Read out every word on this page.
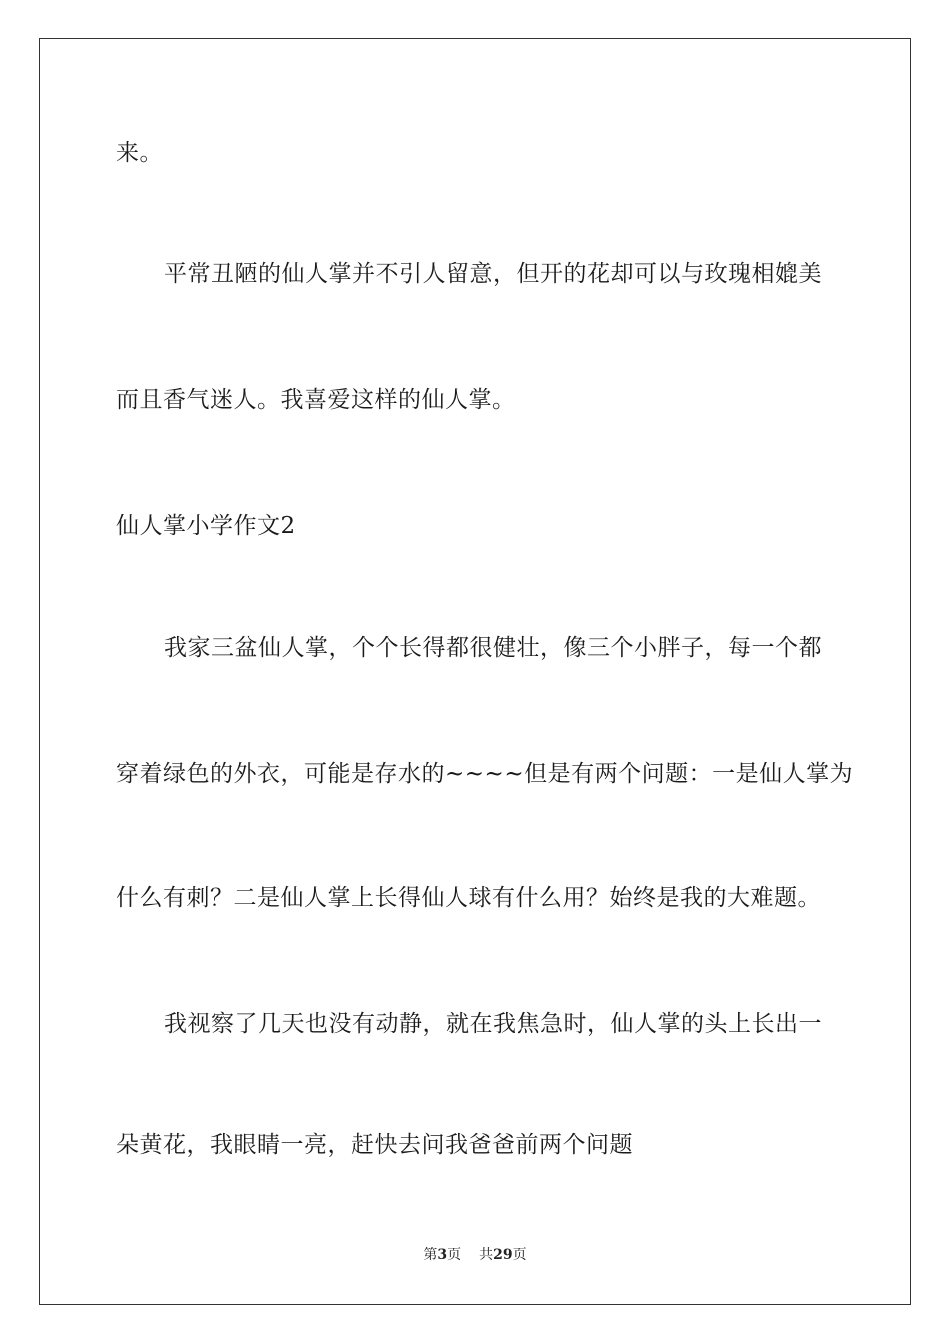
来。
平常丑陋的仙人掌并不引人留意，但开的花却可以与玫瑰相媲美
而且香气迷人。我喜爱这样的仙人掌。
仙人掌小学作文2
我家三盆仙人掌，个个长得都很健壮，像三个小胖子，每一个都
穿着绿色的外衣，可能是存水的~~~~但是有两个问题：一是仙人掌为
什么有刺？二是仙人掌上长得仙人球有什么用？始终是我的大难题。
我视察了几天也没有动静，就在我焦急时，仙人掌的头上长出一
朵黄花，我眼睛一亮，赶快去问我爸爸前两个问题
第3页 共29页
